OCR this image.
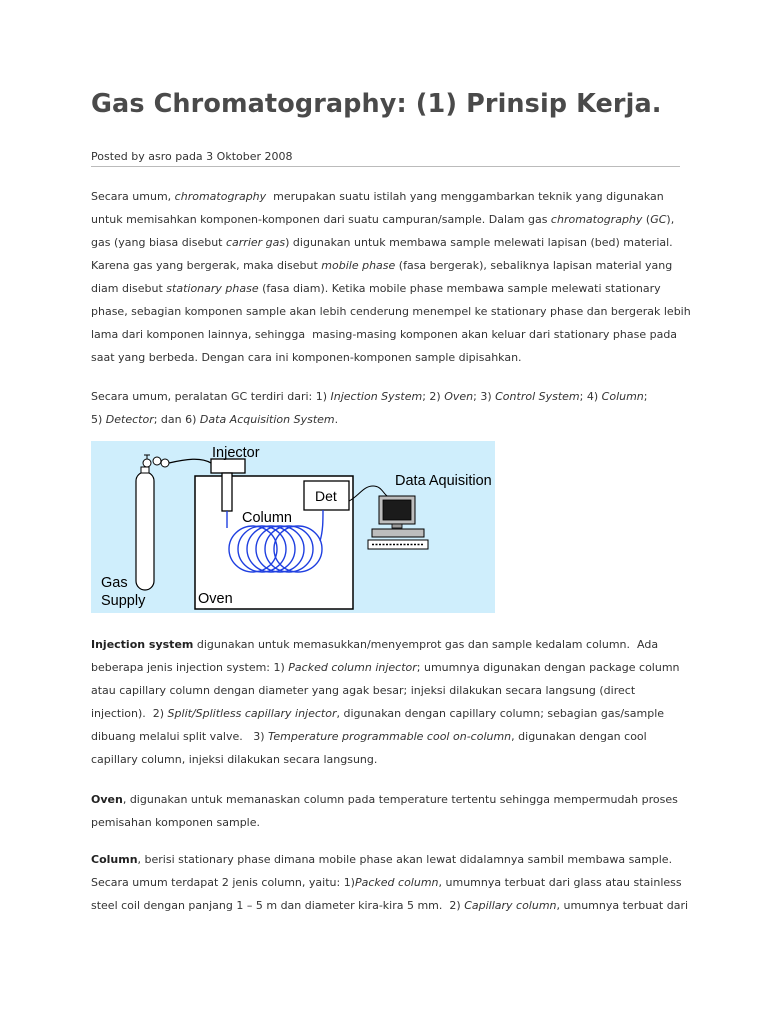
Gas Chromatography: (1) Prinsip Kerja.
Posted by asro pada 3 Oktober 2008
Secara umum, chromatography  merupakan suatu istilah yang menggambarkan teknik yang digunakan
untuk memisahkan komponen-komponen dari suatu campuran/sample. Dalam gas chromatography (GC),
gas (yang biasa disebut carrier gas) digunakan untuk membawa sample melewati lapisan (bed) material.
Karena gas yang bergerak, maka disebut mobile phase (fasa bergerak), sebaliknya lapisan material yang
diam disebut stationary phase (fasa diam). Ketika mobile phase membawa sample melewati stationary
phase, sebagian komponen sample akan lebih cenderung menempel ke stationary phase dan bergerak lebih
lama dari komponen lainnya, sehingga  masing-masing komponen akan keluar dari stationary phase pada
saat yang berbeda. Dengan cara ini komponen-komponen sample dipisahkan.
Secara umum, peralatan GC terdiri dari: 1) Injection System; 2) Oven; 3) Control System; 4) Column;
5) Detector; dan 6) Data Acquisition System.
Injector
Det
Data Aquisition
Column
Gas
Supply	Oven
Injection system digunakan untuk memasukkan/menyemprot gas dan sample kedalam column.  Ada
beberapa jenis injection system: 1) Packed column injector; umumnya digunakan dengan package column
atau capillary column dengan diameter yang agak besar; injeksi dilakukan secara langsung (direct
injection).  2) Split/Splitless capillary injector, digunakan dengan capillary column; sebagian gas/sample
dibuang melalui split valve.   3) Temperature programmable cool on-column, digunakan dengan cool
capillary column, injeksi dilakukan secara langsung.
Oven, digunakan untuk memanaskan column pada temperature tertentu sehingga mempermudah proses
pemisahan komponen sample.
Column, berisi stationary phase dimana mobile phase akan lewat didalamnya sambil membawa sample.
Secara umum terdapat 2 jenis column, yaitu: 1)Packed column, umumnya terbuat dari glass atau stainless
steel coil dengan panjang 1 – 5 m dan diameter kira-kira 5 mm.  2) Capillary column, umumnya terbuat dari
